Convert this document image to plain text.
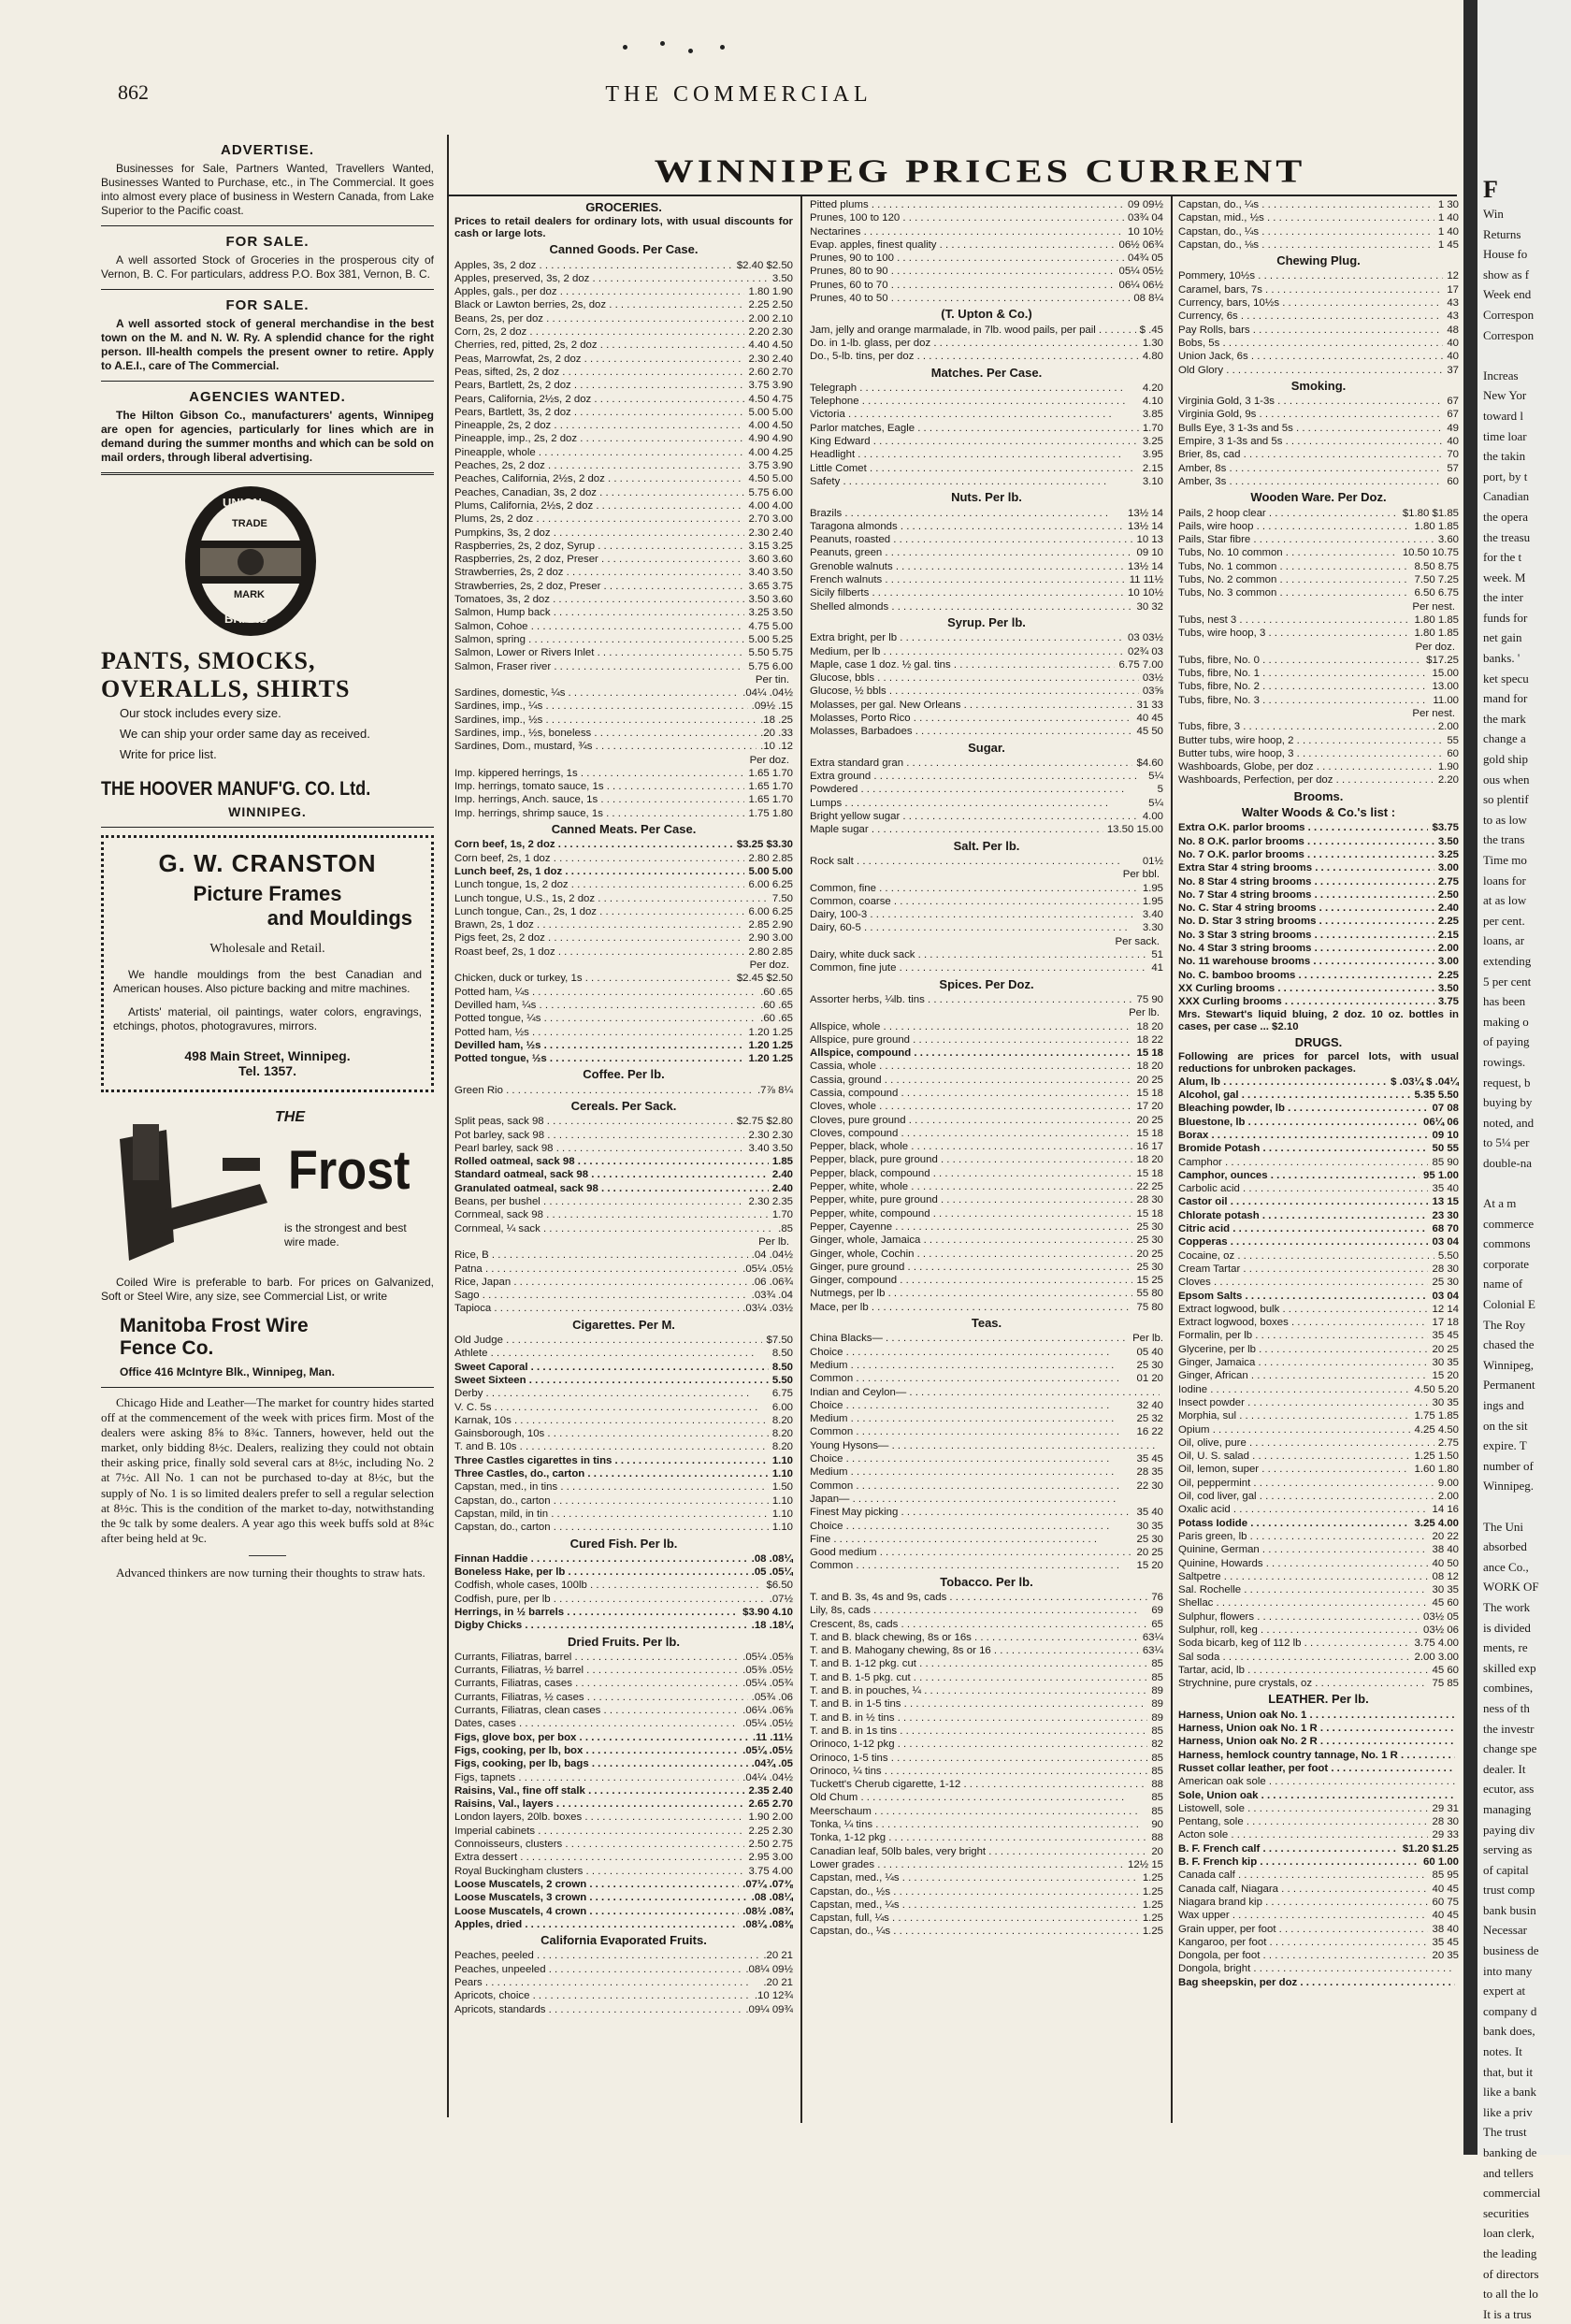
862	THE COMMERCIAL
ADVERTISE.

Businesses for Sale, Partners Wanted, Travellers Wanted, Businesses Wanted to Purchase, etc., in The Commercial. It goes into almost every place of business in Western Canada, from Lake Superior to the Pacific coast.

FOR SALE.

A well assorted Stock of Groceries in the prosperous city of Vernon, B. C. For particulars, address P.O. Box 381, Vernon, B. C.

FOR SALE.

A well assorted stock of general merchandise in the best town on the M. and N. W. Ry. A splendid chance for the right person. Ill-health compels the present owner to retire. Apply to A.E.I., care of The Commercial.

AGENCIES WANTED.

The Hilton Gibson Co., manufacturers' agents, Winnipeg are open for agencies, particularly for lines which are in demand during the summer months and which can be sold on mail orders, through liberal advertising.

UNION
TRADE
MARK
BRAND
PANTS, SMOCKS,
OVERALLS, SHIRTS

Our stock includes every size.

We can ship your order same day as received.

Write for price list.

THE HOOVER MANUF'G. CO. Ltd.
WINNIPEG.
G. W. CRANSTON
Picture Frames
and Mouldings
Wholesale and Retail.

We handle mouldings from the best Canadian and American houses. Also picture backing and mitre machines.

Artists' material, oil paintings, water colors, engravings, etchings, photos, photogravures, mirrors.

498 Main Street, Winnipeg.
Tel. 1357.
THE
Frost

is the strongest and best wire made.

Coiled Wire is preferable to barb. For prices on Galvanized, Soft or Steel Wire, any size, see Commercial List, or write

Manitoba Frost Wire
Fence Co.

Office 416 McIntyre Blk., Winnipeg, Man.

Chicago Hide and Leather—The market for country hides started off at the commencement of the week with prices firm. Most of the dealers were asking 8⅝ to 8¾c. Tanners, however, held out the market, only bidding 8½c. Dealers, realizing they could not obtain their asking price, finally sold several cars at 8½c, including No. 2 at 7½c. All No. 1 can not be purchased to-day at 8½c, but the supply of No. 1 is so limited dealers prefer to sell a regular selection at 8½c. This is the condition of the market to-day, notwithstanding the 9c talk by some dealers. A year ago this week buffs sold at 8¾c after being held at 9c.

Advanced thinkers are now turning their thoughts to straw hats.

WINNIPEG PRICES CURRENT
GROCERIES.
Prices to retail dealers for ordinary lots, with usual discounts for cash or large lots.
Canned Goods. Per Case.
Apples, 3s, 2 doz . . .	$2.40 $2.50
Apples, preserved, 3s, 2 doz . . .	3.50
Apples, gals., per doz . . .	1.80 1.90
Black or Lawton berries, 2s, doz . . .	2.25 2.50
Beans, 2s, per doz . . .	2.00 2.10
Corn, 2s, 2 doz . . .	2.20 2.30
Cherries, red, pitted, 2s, 2 doz . . .	4.40 4.50
Peas, Marrowfat, 2s, 2 doz . . .	2.30 2.40
Peas, sifted, 2s, 2 doz . . .	2.60 2.70
Pears, Bartlett, 2s, 2 doz . . .	3.75 3.90
Pears, California, 2½s, 2 doz . . .	4.50 4.75
Pears, Bartlett, 3s, 2 doz . . .	5.00 5.00
Pineapple, 2s, 2 doz . . .	4.00 4.50
Pineapple, imp., 2s, 2 doz . . .	4.90 4.90
Pineapple, whole . . .	4.00 4.25
Peaches, 2s, 2 doz . . .	3.75 3.90
Peaches, California, 2½s, 2 doz . . .	4.50 5.00
Peaches, Canadian, 3s, 2 doz . . .	5.75 6.00
Plums, California, 2½s, 2 doz . . .	4.00 4.00
Plums, 2s, 2 doz . . .	2.70 3.00
Pumpkins, 3s, 2 doz . . .	2.30 2.40
Raspberries, 2s, 2 doz, Syrup . . .	3.15 3.25
Raspberries, 2s, 2 doz, Preser . . .	3.60 3.60
Strawberries, 2s, 2 doz . . .	3.40 3.50
Strawberries, 2s, 2 doz, Preser . . .	3.65 3.75
Tomatoes, 3s, 2 doz . . .	3.50 3.60
Salmon, Hump back . . .	3.25 3.50
Salmon, Cohoe . . .	4.75 5.00
Salmon, spring . . .	5.00 5.25
Salmon, Lower or Rivers Inlet . . .	5.50 5.75
Salmon, Fraser river . . .	5.75 6.00
Per tin.
Sardines, domestic, ¼s . . .	.04¼ .04½
Sardines, imp., ¼s . . .	.09½ .15
Sardines, imp., ½s . . .	.18 .25
Sardines, imp., ½s, boneless . . .	.20 .33
Sardines, Dom., mustard, ¾s . . .	.10 .12
Per doz.
Imp. kippered herrings, 1s . . .	1.65 1.70
Imp. herrings, tomato sauce, 1s . . .	1.65 1.70
Imp. herrings, Anch. sauce, 1s . . .	1.65 1.70
Imp. herrings, shrimp sauce, 1s . . .	1.75 1.80
Canned Meats. Per Case.
Corn beef, 1s, 2 doz . . .	$3.25 $3.30
Corn beef, 2s, 1 doz . . .	2.80 2.85
Lunch beef, 2s, 1 doz . . .	5.00 5.00
Lunch tongue, 1s, 2 doz . . .	6.00 6.25
Lunch tongue, U.S., 1s, 2 doz . . .	7.50
Lunch tongue, Can., 2s, 1 doz . . .	6.00 6.25
Brawn, 2s, 1 doz . . .	2.85 2.90
Pigs feet, 2s, 2 doz . . .	2.90 3.00
Roast beef, 2s, 1 doz . . .	2.80 2.85
Per doz.
Chicken, duck or turkey, 1s . . .	$2.45 $2.50
Potted ham, ¼s . . .	.60 .65
Devilled ham, ¼s . . .	.60 .65
Potted tongue, ¼s . . .	.60 .65
Potted ham, ½s . . .	1.20 1.25
Devilled ham, ½s . . .	1.20 1.25
Potted tongue, ½s . . .	1.20 1.25
Coffee. Per lb.
Green Rio . . .	.7⅞ 8¼
Cereals. Per Sack.
Split peas, sack 98 . . .	$2.75 $2.80
Pot barley, sack 98 . . .	2.30 2.30
Pearl barley, sack 98 . . .	3.40 3.50
Rolled oatmeal, sack 98 . . .	1.85
Standard oatmeal, sack 98 . . .	2.40
Granulated oatmeal, sack 98 . . .	2.40
Beans, per bushel . . .	2.30 2.35
Cornmeal, sack 98 . . .	1.70
Cornmeal, ¼ sack . . .	.85
Per lb.
Rice, B . . .	.04 .04½
Patna . . .	.05¼ .05½
Rice, Japan . . .	.06 .06¾
Sago . . .	.03¾ .04
Tapioca . . .	.03¼ .03½
Cigarettes. Per M.
Old Judge . . .	$7.50
Athlete . . .	8.50
Sweet Caporal . . .	8.50
Sweet Sixteen . . .	5.50
Derby . . .	6.75
V. C. 5s . . .	6.00
Karnak, 10s . . .	8.20
Gainsborough, 10s . . .	8.20
T. and B. 10s . . .	8.20
Three Castles cigarettes in tins . . .	1.10
Three Castles, do., carton . . .	1.10
Capstan, med., in tins . . .	1.50
Capstan, do., carton . . .	1.10
Capstan, mild, in tin . . .	1.10
Capstan, do., carton . . .	1.10
Cured Fish. Per lb.
Finnan Haddie . . .	.08 .08¼
Boneless Hake, per lb . . .	.05 .05¼
Codfish, whole cases, 100lb . . .	$6.50
Codfish, pure, per lb . . .	.07½
Herrings, in ½ barrels . . .	$3.90 4.10
Digby Chicks . . .	.18 .18¼
Dried Fruits. Per lb.
Currants, Filiatras, barrel . . .	.05¼ .05⅜
Currants, Filiatras, ½ barrel . . .	.05⅜ .05½
Currants, Filiatras, cases . . .	.05¼ .05¾
Currants, Filiatras, ½ cases . . .	.05¾ .06
Currants, Filiatras, clean cases . . .	.06¼ .06⅝
Dates, cases . . .	.05¼ .05½
Figs, glove box, per box . . .	.11 .11½
Figs, cooking, per lb, box . . .	.05¼ .05½
Figs, cooking, per lb, bags . . .	.04¾ .05
Figs, tapnets . . .	.04¼ .04½
Raisins, Val., fine off stalk . . .	2.35 2.40
Raisins, Val., layers . . .	2.65 2.70
London layers, 20lb. boxes . . .	1.90 2.00
Imperial cabinets . . .	2.25 2.30
Connoisseurs, clusters . . .	2.50 2.75
Extra dessert . . .	2.95 3.00
Royal Buckingham clusters . . .	3.75 4.00
Loose Muscatels, 2 crown . . .	.07¼ .07⅜
Loose Muscatels, 3 crown . . .	.08 .08¼
Loose Muscatels, 4 crown . . .	.08½ .08¾
Apples, dried . . .	.08¼ .08⅜
California Evaporated Fruits.
Peaches, peeled . . .	.20 21
Peaches, unpeeled . . .	.08¼ 09½
Pears . . .	.20 21
Apricots, choice . . .	.10 12¾
Apricots, standards . . .	.09¼ 09¾
Pitted plums . . .	09 09½
Prunes, 100 to 120 . . .	03¾ 04
Nectarines . . .	10 10½
Evap. apples, finest quality . . .	06½ 06¾
Prunes, 90 to 100 . . .	04¾ 05
Prunes, 80 to 90 . . .	05¼ 05½
Prunes, 60 to 70 . . .	06¼ 06½
Prunes, 40 to 50 . . .	08 8¼
(T. Upton & Co.)
Jam, jelly and orange marmalade, in 7lb. wood pails, per pail . . .	$ .45
Do. in 1-lb. glass, per doz . . .	1.30
Do., 5-lb. tins, per doz . . .	4.80
Matches. Per Case.
Telegraph . . .	4.20
Telephone . . .	4.10
Victoria . . .	3.85
Parlor matches, Eagle . . .	1.70
King Edward . . .	3.25
Headlight . . .	3.95
Little Comet . . .	2.15
Safety . . .	3.10
Nuts. Per lb.
Brazils . . .	13½ 14
Taragona almonds . . .	13½ 14
Peanuts, roasted . . .	10 13
Peanuts, green . . .	09 10
Grenoble walnuts . . .	13½ 14
French walnuts . . .	11 11½
Sicily filberts . . .	10 10½
Shelled almonds . . .	30 32
Syrup. Per lb.
Extra bright, per lb . . .	03 03½
Medium, per lb . . .	02¾ 03
Maple, case 1 doz. ½ gal. tins . . .	6.75 7.00
Glucose, bbls . . .	03½
Glucose, ½ bbls . . .	03⅝
Molasses, per gal. New Orleans . . .	31 33
Molasses, Porto Rico . . .	40 45
Molasses, Barbadoes . . .	45 50
Sugar.
Extra standard gran . . .	$4.60
Extra ground . . .	5¼
Powdered . . .	5
Lumps . . .	5¼
Bright yellow sugar . . .	4.00
Maple sugar . . .	13.50 15.00
Salt. Per lb.
Rock salt . . .	01½
Per bbl.
Common, fine . . .	1.95
Common, coarse . . .	1.95
Dairy, 100-3 . . .	3.40
Dairy, 60-5 . . .	3.30
Per sack.
Dairy, white duck sack . . .	51
Common, fine jute . . .	41
Spices. Per Doz.
Assorter herbs, ¼lb. tins . . .	75 90
Per lb.
Allspice, whole . . .	18 20
Allspice, pure ground . . .	18 22
Allspice, compound . . .	15 18
Cassia, whole . . .	18 20
Cassia, ground . . .	20 25
Cassia, compound . . .	15 18
Cloves, whole . . .	17 20
Cloves, pure ground . . .	20 25
Cloves, compound . . .	15 18
Pepper, black, whole . . .	16 17
Pepper, black, pure ground . . .	18 20
Pepper, black, compound . . .	15 18
Pepper, white, whole . . .	22 25
Pepper, white, pure ground . . .	28 30
Pepper, white, compound . . .	15 18
Pepper, Cayenne . . .	25 30
Ginger, whole, Jamaica . . .	25 30
Ginger, whole, Cochin . . .	20 25
Ginger, pure ground . . .	25 30
Ginger, compound . . .	15 25
Nutmegs, per lb . . .	55 80
Mace, per lb . . .	75 80
Teas.
China Blacks— . . .	Per lb.
Choice . . .	05 40
Medium . . .	25 30
Common . . .	01 20
Indian and Ceylon— . . .
Choice . . .	32 40
Medium . . .	25 32
Common . . .	16 22
Young Hysons— . . .
Choice . . .	35 45
Medium . . .	28 35
Common . . .	22 30
Japan— . . .
Finest May picking . . .	35 40
Choice . . .	30 35
Fine . . .	25 30
Good medium . . .	20 25
Common . . .	15 20
Tobacco. Per lb.
T. and B. 3s, 4s and 9s, cads . . .	76
Lily, 8s, cads . . .	69
Crescent, 8s, cads . . .	65
T. and B. black chewing, 8s or 16s . . .	63¼
T. and B. Mahogany chewing, 8s or 16 . . .	63¼
T. and B. 1-12 pkg. cut . . .	85
T. and B. 1-5 pkg. cut . . .	85
T. and B. in pouches, ¼ . . .	89
T. and B. in 1-5 tins . . .	89
T. and B. in ½ tins . . .	89
T. and B. in 1s tins . . .	85
Orinoco, 1-12 pkg . . .	82
Orinoco, 1-5 tins . . .	85
Orinoco, ¼ tins . . .	85
Tuckett's Cherub cigarette, 1-12 . . .	88
Old Chum . . .	85
Meerschaum . . .	85
Tonka, ¼ tins . . .	90
Tonka, 1-12 pkg . . .	88
Canadian leaf, 50lb bales, very bright . . .	20
Lower grades . . .	12½ 15
Capstan, med., ¼s . . .	1.25
Capstan, do., ½s . . .	1.25
Capstan, med., ¼s . . .	1.25
Capstan, full, ¼s . . .	1.25
Capstan, do., ¼s . . .	1.25
Capstan, do., ¼s . . .	1 30
Capstan, mid., ½s . . .	1 40
Capstan, do., ¼s . . .	1 40
Capstan, do., ⅛s . . .	1 45
Chewing Plug.
Pommery, 10½s . . .	12
Caramel, bars, 7s . . .	17
Currency, bars, 10½s . . .	43
Currency, 6s . . .	43
Pay Rolls, bars . . .	48
Bobs, 5s . . .	40
Union Jack, 6s . . .	40
Old Glory . . .	37
Smoking.
Virginia Gold, 3 1-3s . . .	67
Virginia Gold, 9s . . .	67
Bulls Eye, 3 1-3s and 5s . . .	49
Empire, 3 1-3s and 5s . . .	40
Brier, 8s, cad . . .	70
Amber, 8s . . .	57
Amber, 3s . . .	60
Wooden Ware. Per Doz.
Pails, 2 hoop clear . . .	$1.80 $1.85
Pails, wire hoop . . .	1.80 1.85
Pails, Star fibre . . .	3.60
Tubs, No. 10 common . . .	10.50 10.75
Tubs, No. 1 common . . .	8.50 8.75
Tubs, No. 2 common . . .	7.50 7.25
Tubs, No. 3 common . . .	6.50 6.75
Per nest.
Tubs, nest 3 . . .	1.80 1.85
Tubs, wire hoop, 3 . . .	1.80 1.85
Per doz.
Tubs, fibre, No. 0 . . .	$17.25
Tubs, fibre, No. 1 . . .	15.00
Tubs, fibre, No. 2 . . .	13.00
Tubs, fibre, No. 3 . . .	11.00
Per nest.
Tubs, fibre, 3 . . .	2.00
Butter tubs, wire hoop, 2 . . .	55
Butter tubs, wire hoop, 3 . . .	60
Washboards, Globe, per doz . . .	1.90
Washboards, Perfection, per doz . . .	2.20
Brooms.
Walter Woods & Co.'s list :
Extra O.K. parlor brooms . . .	$3.75
No. 8 O.K. parlor brooms . . .	3.50
No. 7 O.K. parlor brooms . . .	3.25
Extra Star 4 string brooms . . .	3.00
No. 8 Star 4 string brooms . . .	2.75
No. 7 Star 4 string brooms . . .	2.50
No. C. Star 4 string brooms . . .	2.40
No. D. Star 3 string brooms . . .	2.25
No. 3 Star 3 string brooms . . .	2.15
No. 4 Star 3 string brooms . . .	2.00
No. 11 warehouse brooms . . .	3.00
No. C. bamboo brooms . . .	2.25
XX Curling brooms . . .	3.50
XXX Curling brooms . . .	3.75
Mrs. Stewart's liquid bluing, 2 doz. 10 oz. bottles in cases, per case ... $2.10
DRUGS.
Following are prices for parcel lots, with usual reductions for unbroken packages.
Alum, lb . . .	$ .03¼ $ .04¼
Alcohol, gal . . .	5.35 5.50
Bleaching powder, lb . . .	07 08
Bluestone, lb . . .	06¼ 06
Borax . . .	09 10
Bromide Potash . . .	50 55
Camphor . . .	85 90
Camphor, ounces . . .	95 1.00
Carbolic acid . . .	35 40
Castor oil . . .	13 15
Chlorate potash . . .	23 30
Citric acid . . .	68 70
Copperas . . .	03 04
Cocaine, oz . . .	5.50
Cream Tartar . . .	28 30
Cloves . . .	25 30
Epsom Salts . . .	03 04
Extract logwood, bulk . . .	12 14
Extract logwood, boxes . . .	17 18
Formalin, per lb . . .	35 45
Glycerine, per lb . . .	20 25
Ginger, Jamaica . . .	30 35
Ginger, African . . .	15 20
Iodine . . .	4.50 5.20
Insect powder . . .	30 35
Morphia, sul . . .	1.75 1.85
Opium . . .	4.25 4.50
Oil, olive, pure . . .	2.75
Oil, U. S. salad . . .	1.25 1.50
Oil, lemon, super . . .	1.60 1.80
Oil, peppermint . . .	9.00
Oil, cod liver, gal . . .	2.00
Oxalic acid . . .	14 16
Potass Iodide . . .	3.25 4.00
Paris green, lb . . .	20 22
Quinine, German . . .	38 40
Quinine, Howards . . .	40 50
Saltpetre . . .	08 12
Sal. Rochelle . . .	30 35
Shellac . . .	45 60
Sulphur, flowers . . .	03½ 05
Sulphur, roll, keg . . .	03½ 06
Soda bicarb, keg of 112 lb . . .	3.75 4.00
Sal soda . . .	2.00 3.00
Tartar, acid, lb . . .	45 60
Strychnine, pure crystals, oz . . .	75 85
LEATHER. Per lb.
Harness, Union oak No. 1 . . .
Harness, Union oak No. 1 R . . .
Harness, Union oak No. 2 R . . .
Harness, hemlock country tannage, No. 1 R . . .
Russet collar leather, per foot . . .
American oak sole . . .
Sole, Union oak . . .
Listowell, sole . . .	29 31
Pentang, sole . . .	28 30
Acton sole . . .	29 33
B. F. French calf . . .	$1.20 $1.25
B. F. French kip . . .	60 1.00
Canada calf . . .	85 95
Canada calf, Niagara . . .	40 45
Niagara brand kip . . .	60 75
Wax upper . . .	40 45
Grain upper, per foot . . .	38 40
Kangaroo, per foot . . .	35 45
Dongola, per foot . . .	20 35
Dongola, bright . . .
Bag sheepskin, per doz . . .
F
Win
Returns
House fo
show as f
Week end
Correspon
Correspon

Increas
New Yor
toward l
time loar
the takin
port, by t
Canadian
the opera
the treasu
for the t
week. M
the inter
funds for
net gain
banks. '
ket specu
mand for
the mark
change a
gold ship
ous when
so plentif
to as low
the trans
Time mo
loans for
at as low
per cent.
loans, ar
extending
5 per cent
has been
making o
of paying
rowings.
request, b
buying by
noted, and
to 5¼ per
double-na

At a m
commerce
commons
corporate
name of
Colonial E
The Roy
chased the
Winnipeg,
Permanent
ings and
on the sit
expire. T
number of
Winnipeg.

The Uni
absorbed
ance Co.,
WORK OF
The work
is divided
ments, re
skilled exp
combines,
ness of th
the investr
change spe
dealer. It
ecutor, ass
managing
paying div
serving as
of capital
trust comp
bank busin
Necessar
business de
into many
expert at
company d
bank does,
notes. It
that, but it
like a bank
like a priv
The trust
banking de
and tellers
commercial
securities
loan clerk,
the leading
of directors
to all the lo
It is a trus
